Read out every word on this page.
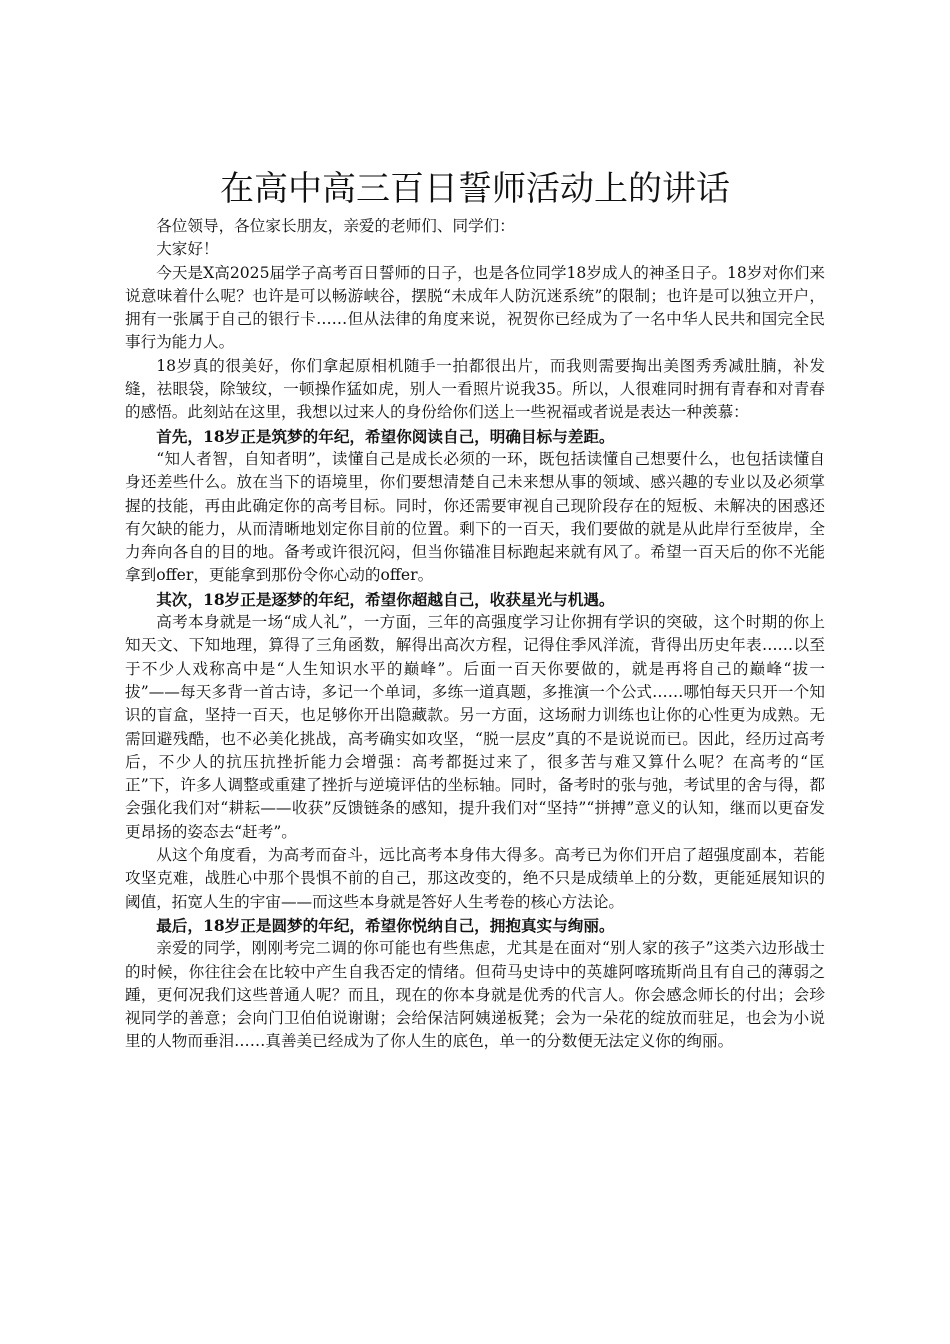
在高中高三百日誓师活动上的讲话

各位领导，各位家长朋友，亲爱的老师们、同学们：

大家好！

今天是X高2025届学子高考百日誓师的日子，也是各位同学18岁成人的神圣日子。18岁对你们来说意味着什么呢？也许是可以畅游峡谷，摆脱“未成年人防沉迷系统”的限制；也许是可以独立开户，拥有一张属于自己的银行卡……但从法律的角度来说，祝贺你已经成为了一名中华人民共和国完全民事行为能力人。

18岁真的很美好，你们拿起原相机随手一拍都很出片，而我则需要掏出美图秀秀减肚腩，补发缝，祛眼袋，除皱纹，一顿操作猛如虎，别人一看照片说我35。所以，人很难同时拥有青春和对青春的感悟。此刻站在这里，我想以过来人的身份给你们送上一些祝福或者说是表达一种羡慕：

首先，18岁正是筑梦的年纪，希望你阅读自己，明确目标与差距。

“知人者智，自知者明”，读懂自己是成长必须的一环，既包括读懂自己想要什么，也包括读懂自身还差些什么。放在当下的语境里，你们要想清楚自己未来想从事的领域、感兴趣的专业以及必须掌握的技能，再由此确定你的高考目标。同时，你还需要审视自己现阶段存在的短板、未解决的困惑还有欠缺的能力，从而清晰地划定你目前的位置。剩下的一百天，我们要做的就是从此岸行至彼岸，全力奔向各自的目的地。备考或许很沉闷，但当你锚准目标跑起来就有风了。希望一百天后的你不光能拿到offer，更能拿到那份令你心动的offer。

其次，18岁正是逐梦的年纪，希望你超越自己，收获星光与机遇。

高考本身就是一场“成人礼”，一方面，三年的高强度学习让你拥有学识的突破，这个时期的你上知天文、下知地理，算得了三角函数，解得出高次方程，记得住季风洋流，背得出历史年表……以至于不少人戏称高中是“人生知识水平的巅峰”。后面一百天你要做的，就是再将自己的巅峰“拔一拔”——每天多背一首古诗，多记一个单词，多练一道真题，多推演一个公式……哪怕每天只开一个知识的盲盒，坚持一百天，也足够你开出隐藏款。另一方面，这场耐力训练也让你的心性更为成熟。无需回避残酷，也不必美化挑战，高考确实如攻坚，“脱一层皮”真的不是说说而已。因此，经历过高考后，不少人的抗压抗挫折能力会增强：高考都挺过来了，很多苦与难又算什么呢？在高考的“匡正”下，许多人调整或重建了挫折与逆境评估的坐标轴。同时，备考时的张与弛，考试里的舍与得，都会强化我们对“耕耘——收获”反馈链条的感知，提升我们对“坚持”“拼搏”意义的认知，继而以更奋发更昂扬的姿态去“赶考”。

从这个角度看，为高考而奋斗，远比高考本身伟大得多。高考已为你们开启了超强度副本，若能攻坚克难，战胜心中那个畏惧不前的自己，那这改变的，绝不只是成绩单上的分数，更能延展知识的阈值，拓宽人生的宇宙——而这些本身就是答好人生考卷的核心方法论。

最后，18岁正是圆梦的年纪，希望你悦纳自己，拥抱真实与绚丽。

亲爱的同学，刚刚考完二调的你可能也有些焦虑，尤其是在面对“别人家的孩子”这类六边形战士的时候，你往往会在比较中产生自我否定的情绪。但荷马史诗中的英雄阿喀琉斯尚且有自己的薄弱之踵，更何况我们这些普通人呢？而且，现在的你本身就是优秀的代言人。你会感念师长的付出；会珍视同学的善意；会向门卫伯伯说谢谢；会给保洁阿姨递板凳；会为一朵花的绽放而驻足，也会为小说里的人物而垂泪……真善美已经成为了你人生的底色，单一的分数便无法定义你的绚丽。
